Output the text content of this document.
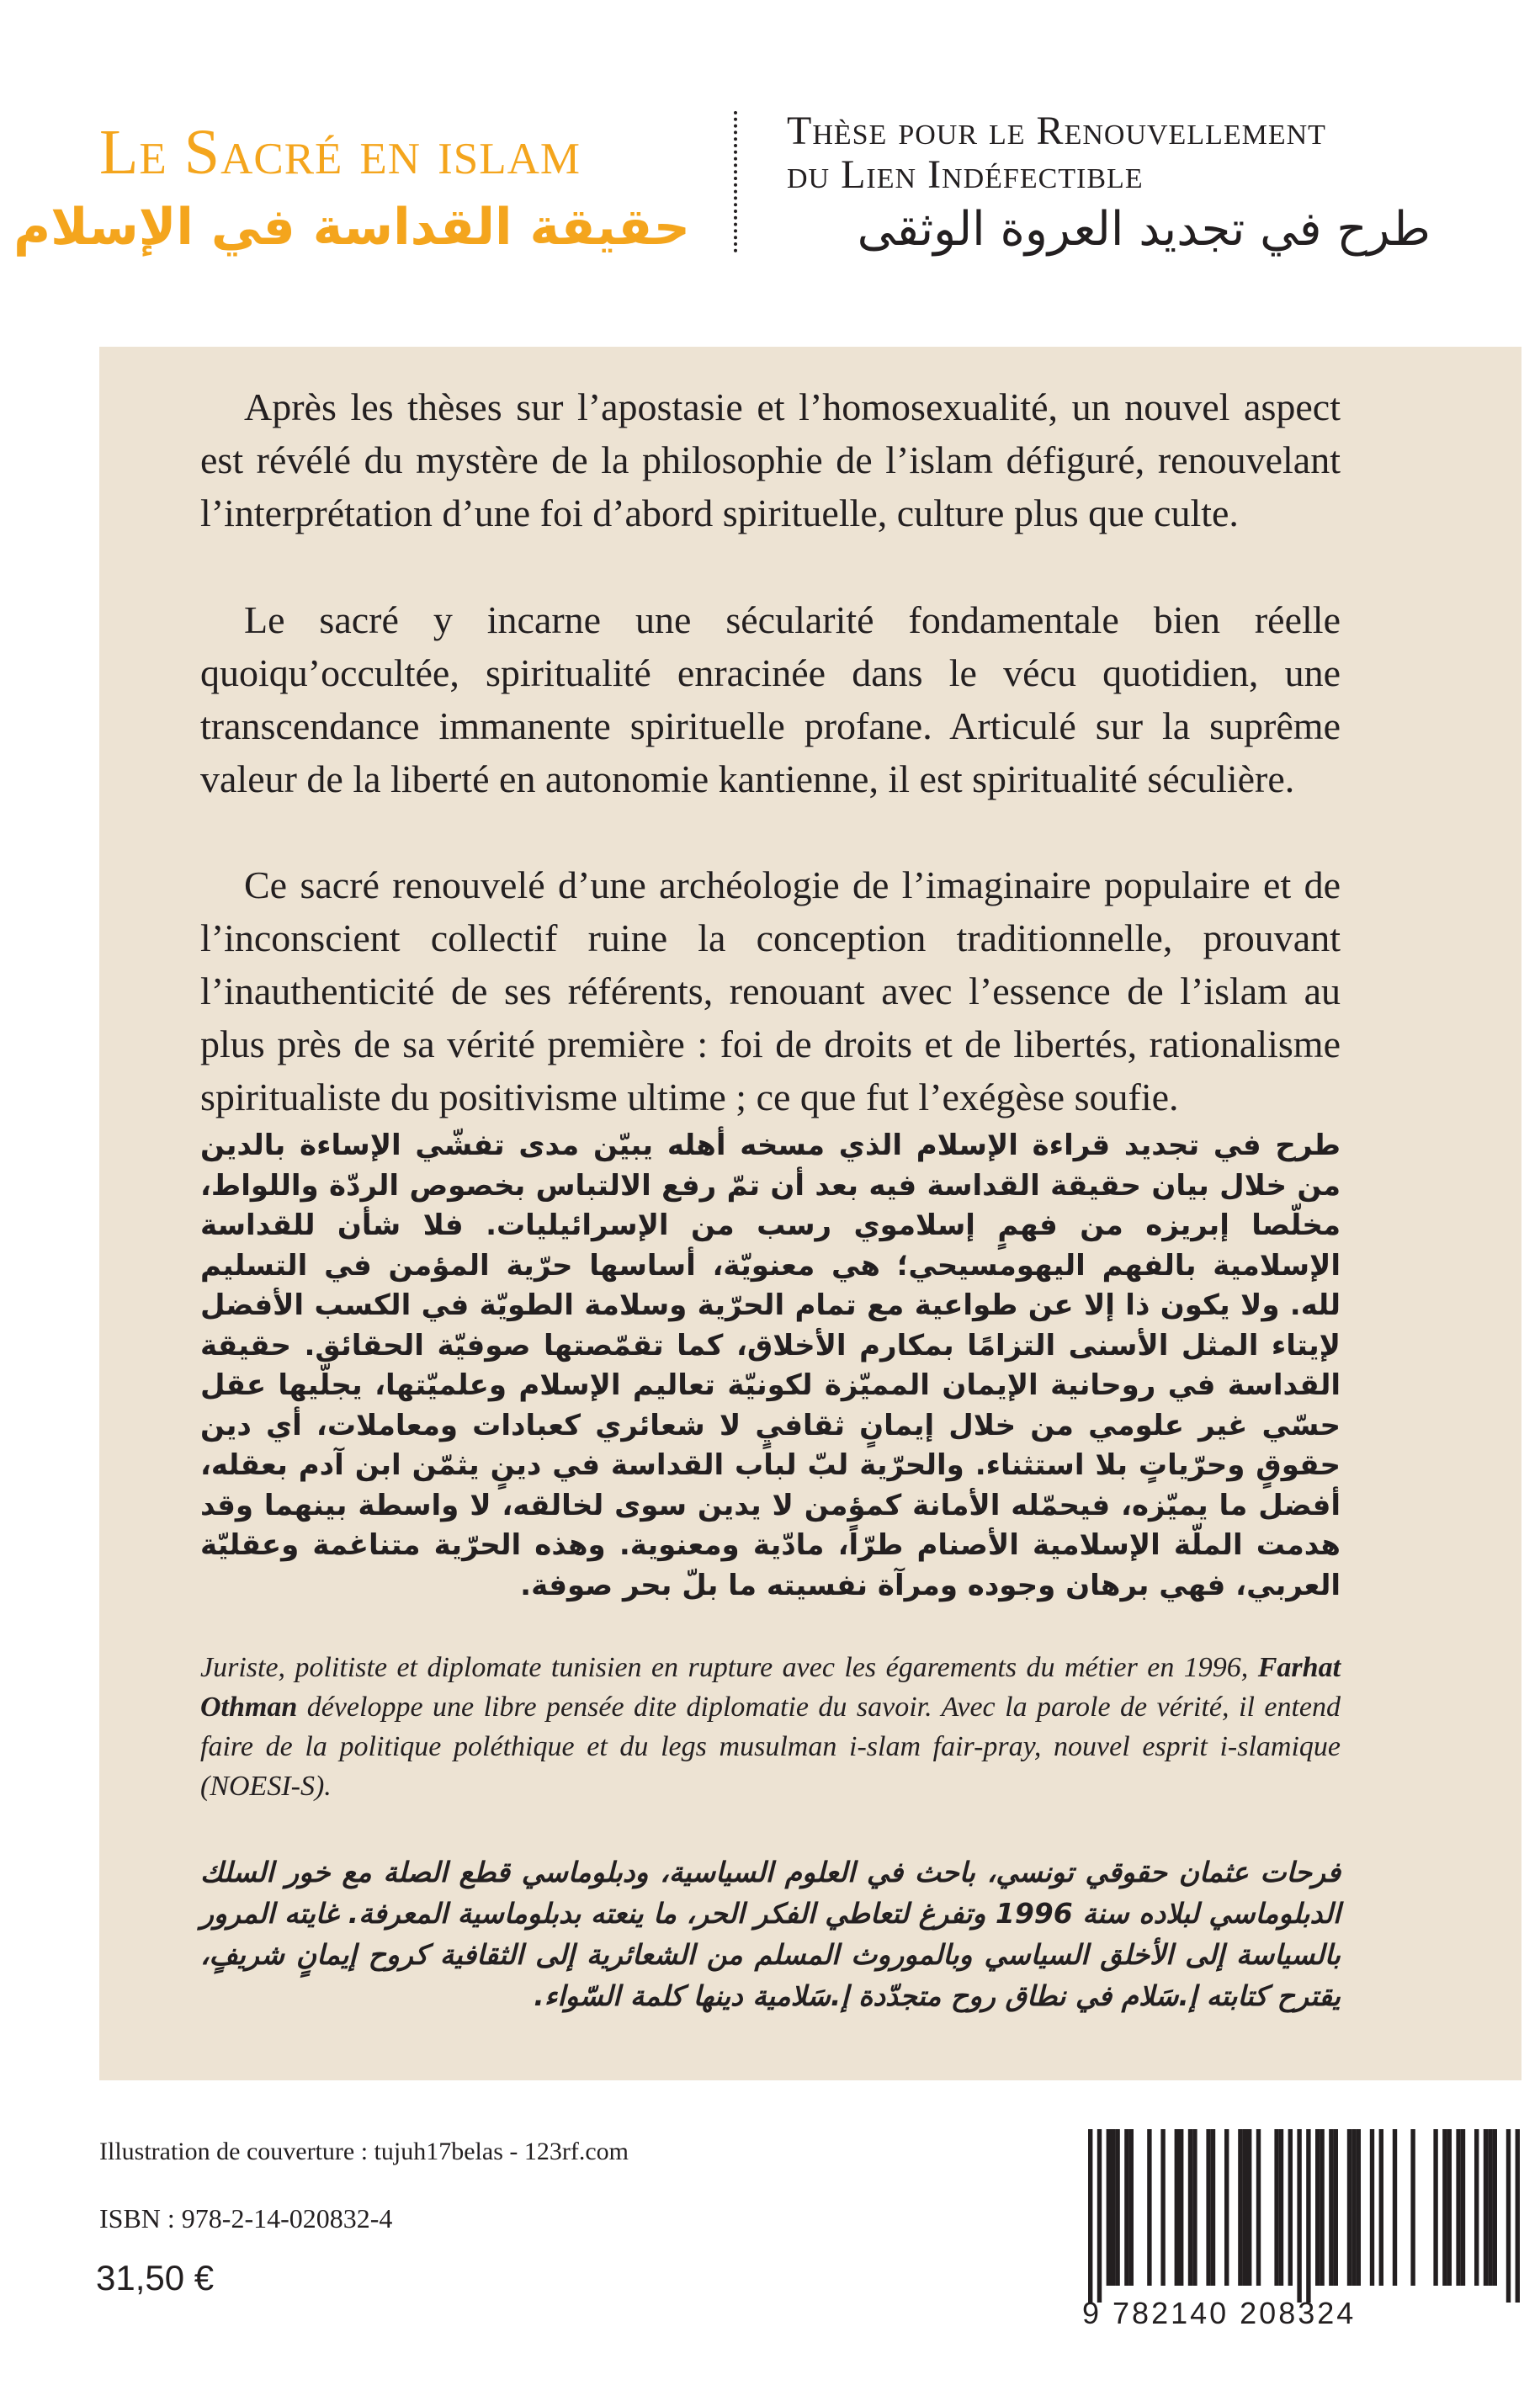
Le Sacré en islam
حقيقة القداسة في الإسلام
Thèse pour le Renouvellement
du Lien Indéfectible
طرح في تجديد العروة الوثقى

Après les thèses sur l’apostasie et l’homosexualité, un nouvel aspect est révélé du mystère de la philosophie de l’islam défiguré, renouvelant l’interprétation d’une foi d’abord spirituelle, culture plus que culte.

Le sacré y incarne une sécularité fondamentale bien réelle quoiqu’occultée, spiritualité enracinée dans le vécu quotidien, une transcendance immanente spirituelle profane. Articulé sur la suprême valeur de la liberté en autonomie kantienne, il est spiritualité séculière.

Ce sacré renouvelé d’une archéologie de l’imaginaire populaire et de l’inconscient collectif ruine la conception traditionnelle, prouvant l’inauthenticité de ses référents, renouant avec l’essence de l’islam au plus près de sa vérité première : foi de droits et de libertés, rationalisme spiritualiste du positivisme ultime ; ce que fut l’exégèse soufie.

طرح في تجديد قراءة الإسلام الذي مسخه أهله يبيّن مدى تفشّي الإساءة بالدين من خلال بيان حقيقة القداسة فيه بعد أن تمّ رفع الالتباس بخصوص الردّة واللواط، مخلّصا إبريزه من فهمٍ إسلاموي رسب من الإسرائيليات. فلا شأن للقداسة الإسلامية بالفهم اليهومسيحي؛ هي معنويّة، أساسها حرّية المؤمن في التسليم لله. ولا يكون ذا إلا عن طواعية مع تمام الحرّية وسلامة الطويّة في الكسب الأفضل لإيتاء المثل الأسنى التزامًا بمكارم الأخلاق، كما تقمّصتها صوفيّة الحقائق. حقيقة القداسة في روحانية الإيمان المميّزة لكونيّة تعاليم الإسلام وعلميّتها، يجلّيها عقل حسّي غير علومي من خلال إيمانٍ ثقافيٍ لا شعائري كعبادات ومعاملات، أي دين حقوقٍ وحرّياتٍ بلا استثناء. والحرّية لبّ لباب القداسة في دينٍ يثمّن ابن آدم بعقله، أفضل ما يميّزه، فيحمّله الأمانة كمؤمن لا يدين سوى لخالقه، لا واسطة بينهما وقد هدمت الملّة الإسلامية الأصنام طرّاً، مادّية ومعنوية. وهذه الحرّية متناغمة وعقليّة العربي، فهي برهان وجوده ومرآة نفسيته ما بلّ بحر صوفة.

Juriste, politiste et diplomate tunisien en rupture avec les égarements du métier en 1996, Farhat Othman développe une libre pensée dite diplomatie du savoir. Avec la parole de vérité, il entend faire de la politique poléthique et du legs musulman i-slam fair-pray, nouvel esprit i-slamique (NOESI-S).

فرحات عثمان حقوقي تونسي، باحث في العلوم السياسية، ودبلوماسي قطع الصلة مع خور السلك الدبلوماسي لبلاده سنة 1996 وتفرغ لتعاطي الفكر الحر، ما ينعته بدبلوماسية المعرفة. غايته المرور بالسياسة إلى الأخلق السياسي وبالموروث المسلم من الشعائرية إلى الثقافية كروح إيمانٍ شريفٍ، يقترح كتابته إ.سَلام في نطاق روح متجدّدة إ.سَلامية دينها كلمة السّواء.

Illustration de couverture : tujuh17belas - 123rf.com
ISBN : 978-2-14-020832-4
31,50 €
9 782140 208324
